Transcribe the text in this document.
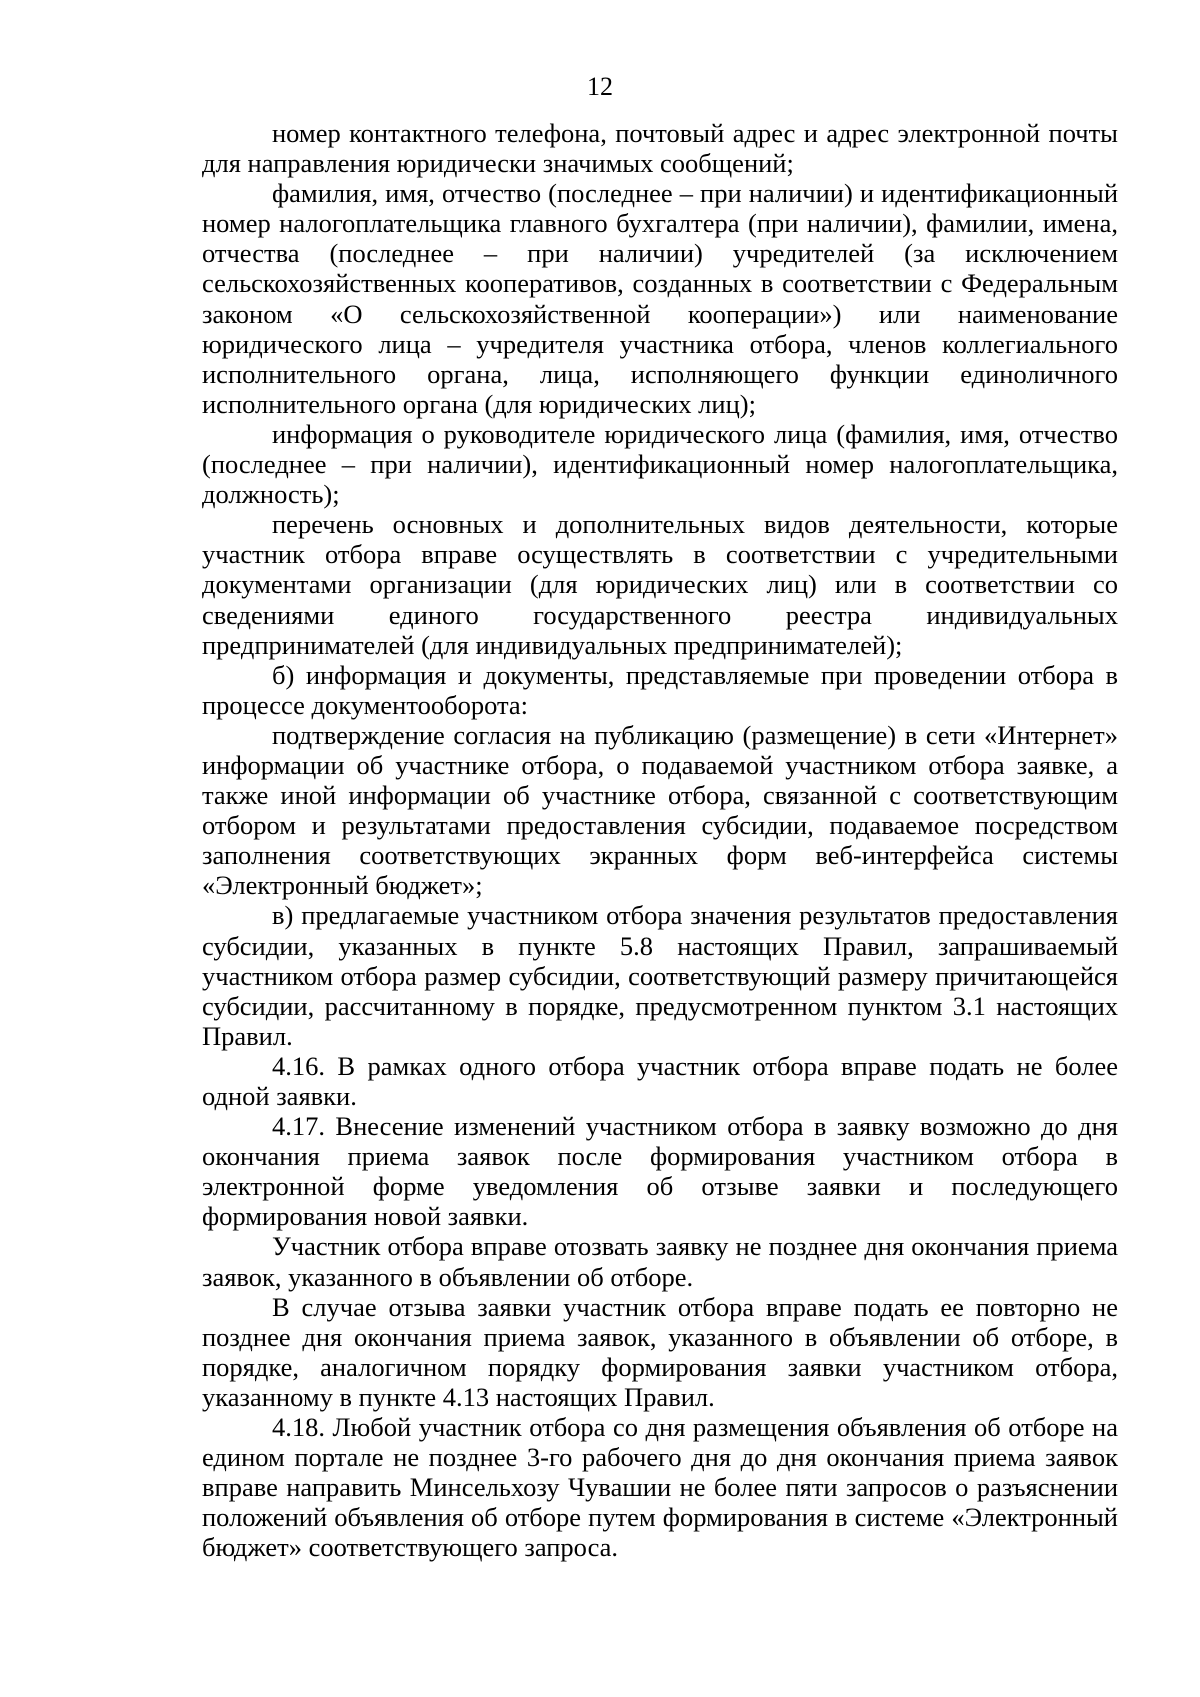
12

номер контактного телефона, почтовый адрес и адрес электронной почты для направления юридически значимых сообщений;

фамилия, имя, отчество (последнее – при наличии) и идентификационный номер налогоплательщика главного бухгалтера (при наличии), фамилии, имена, отчества (последнее – при наличии) учредителей (за исключением сельскохозяйственных кооперативов, созданных в соответствии с Федеральным законом «О сельскохозяйственной кооперации») или наименование юридического лица – учредителя участника отбора, членов коллегиального исполнительного органа, лица, исполняющего функции единоличного исполнительного органа (для юридических лиц);

информация о руководителе юридического лица (фамилия, имя, отчество (последнее – при наличии), идентификационный номер налогоплательщика, должность);

перечень основных и дополнительных видов деятельности, которые участник отбора вправе осуществлять в соответствии с учредительными документами организации (для юридических лиц) или в соответствии со сведениями единого государственного реестра индивидуальных предпринимателей (для индивидуальных предпринимателей);

б) информация и документы, представляемые при проведении отбора в процессе документооборота:

подтверждение согласия на публикацию (размещение) в сети «Интернет» информации об участнике отбора, о подаваемой участником отбора заявке, а также иной информации об участнике отбора, связанной с соответствующим отбором и результатами предоставления субсидии, подаваемое посредством заполнения соответствующих экранных форм веб-интерфейса системы «Электронный бюджет»;

в) предлагаемые участником отбора значения результатов предоставления субсидии, указанных в пункте 5.8 настоящих Правил, запрашиваемый участником отбора размер субсидии, соответствующий размеру причитающейся субсидии, рассчитанному в порядке, предусмотренном пунктом 3.1 настоящих Правил.

4.16. В рамках одного отбора участник отбора вправе подать не более одной заявки.

4.17. Внесение изменений участником отбора в заявку возможно до дня окончания приема заявок после формирования участником отбора в электронной форме уведомления об отзыве заявки и последующего формирования новой заявки.

Участник отбора вправе отозвать заявку не позднее дня окончания приема заявок, указанного в объявлении об отборе.

В случае отзыва заявки участник отбора вправе подать ее повторно не позднее дня окончания приема заявок, указанного в объявлении об отборе, в порядке, аналогичном порядку формирования заявки участником отбора, указанному в пункте 4.13 настоящих Правил.

4.18. Любой участник отбора со дня размещения объявления об отборе на едином портале не позднее 3-го рабочего дня до дня окончания приема заявок вправе направить Минсельхозу Чувашии не более пяти запросов о разъяснении положений объявления об отборе путем формирования в системе «Электронный бюджет» соответствующего запроса.
